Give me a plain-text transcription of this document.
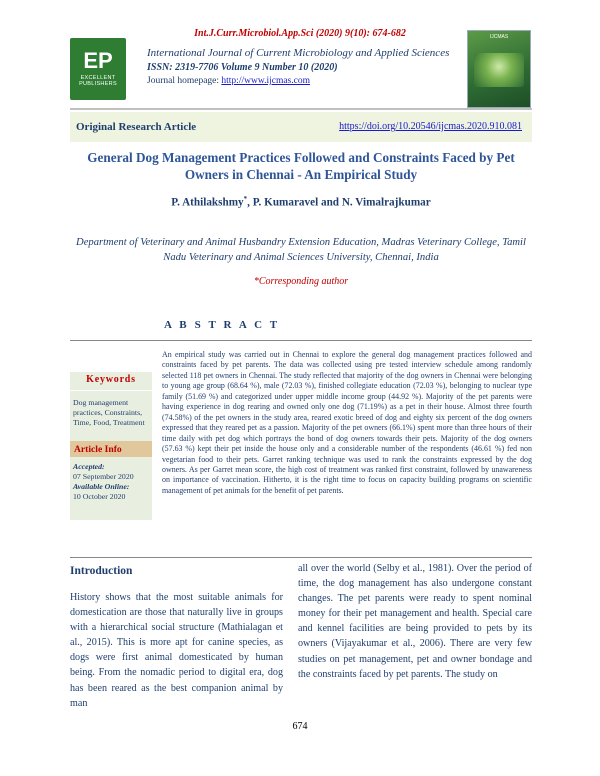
Int.J.Curr.Microbiol.App.Sci (2020) 9(10): 674-682
EP
EXCELLENT PUBLISHERS
International Journal of Current Microbiology and Applied Sciences
ISSN: 2319-7706 Volume 9 Number 10 (2020)
Journal homepage: http://www.ijcmas.com
IJCMAS
Original Research Article	https://doi.org/10.20546/ijcmas.2020.910.081
General Dog Management Practices Followed and Constraints Faced by Pet Owners in Chennai - An Empirical Study
P. Athilakshmy*, P. Kumaravel and N. Vimalrajkumar
Department of Veterinary and Animal Husbandry Extension Education, Madras Veterinary College, Tamil Nadu Veterinary and Animal Sciences University, Chennai, India
*Corresponding author
A B S T R A C T
Keywords
Dog management practices, Constraints, Time, Food, Treatment
Article Info
Accepted:
07 September 2020
Available Online:
10 October 2020
An empirical study was carried out in Chennai to explore the general dog management practices followed and constraints faced by pet parents. The data was collected using pre tested interview schedule among randomly selected 118 pet owners in Chennai. The study reflected that majority of the dog owners in Chennai were belonging to young age group (68.64 %), male (72.03 %), finished collegiate education (72.03 %), belonging to nuclear type family (51.69 %) and categorized under upper middle income group (44.92 %). Majority of the pet parents were having experience in dog rearing and owned only one dog (71.19%) as a pet in their house. Almost three fourth (74.58%) of the pet owners in the study area, reared exotic breed of dog and eighty six percent of the dog owners expressed that they reared pet as a passion. Majority of the pet owners (66.1%) spent more than three hours of their time daily with pet dog which portrays the bond of dog owners towards their pets. Majority of the dog owners (57.63 %) kept their pet inside the house only and a considerable number of the respondents (46.61 %) fed non vegetarian food to their pets. Garret ranking technique was used to rank the constraints expressed by the dog owners. As per Garret mean score, the high cost of treatment was ranked first constraint, followed by unawareness on importance of vaccination. Hitherto, it is the right time to focus on capacity building programs on scientific management of pet animals for the benefit of pet parents.
Introduction
History shows that the most suitable animals for domestication are those that naturally live in groups with a hierarchical social structure (Mathialagan et al., 2015). This is more apt for canine species, as dogs were first animal domesticated by human being. From the nomadic period to digital era, dog has been reared as the best companion animal by man
all over the world (Selby et al., 1981). Over the period of time, the dog management has also undergone constant changes. The pet parents were ready to spent nominal money for their pet management and health. Special care and kennel facilities are being provided to pets by its owners (Vijayakumar et al., 2006). There are very few studies on pet management, pet and owner bondage and the constraints faced by pet parents. The study on
674
